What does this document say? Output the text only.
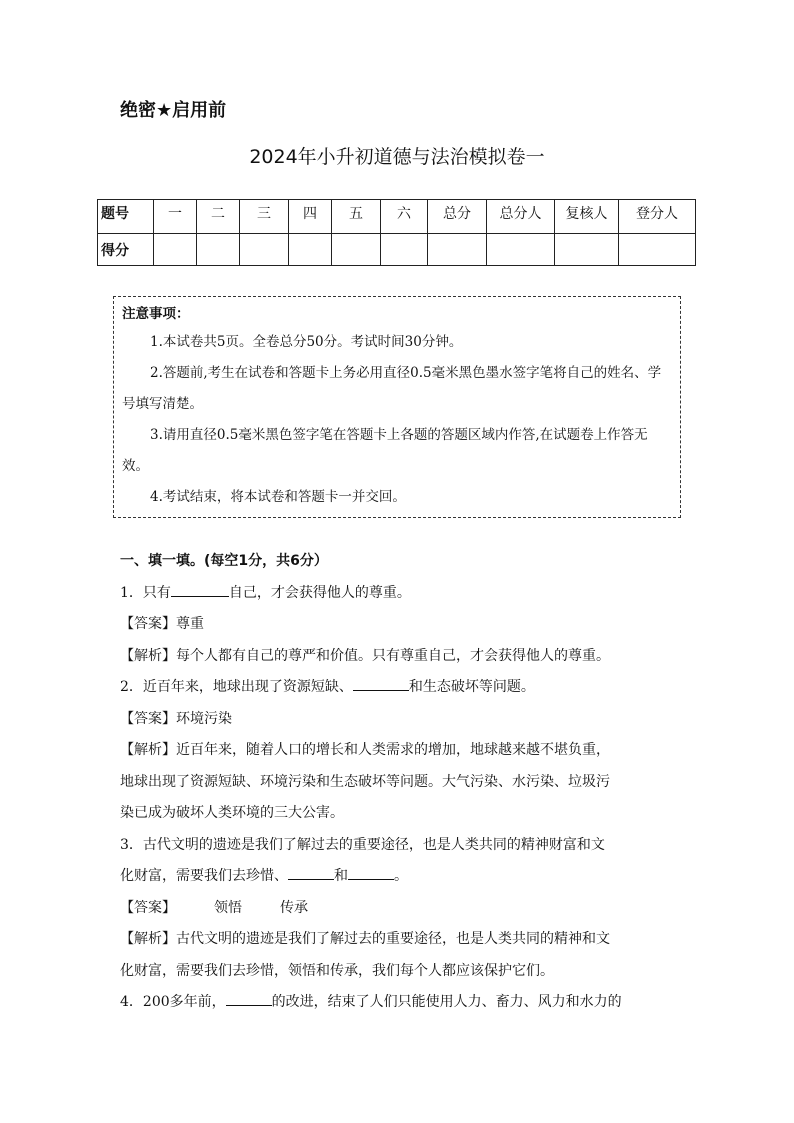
绝密★启用前
2024年小升初道德与法治模拟卷一
题号	一	二	三	四	五	六	总分	总分人	复核人	登分人
得分										
注意事项：

1.本试卷共5页。全卷总分50分。考试时间30分钟。

2.答题前,考生在试卷和答题卡上务必用直径0.5毫米黑色墨水签字笔将自己的姓名、学号填写清楚。

3.请用直径0.5毫米黑色签字笔在答题卡上各题的答题区域内作答,在试题卷上作答无效。

4.考试结束，将本试卷和答题卡一并交回。

一、填一填。(每空1分，共6分）

1．只有	自己，才会获得他人的尊重。

【答案】尊重

【解析】每个人都有自己的尊严和价值。只有尊重自己，才会获得他人的尊重。

2．近百年来，地球出现了资源短缺、	和生态破坏等问题。

【答案】环境污染

【解析】近百年来，随着人口的增长和人类需求的增加，地球越来越不堪负重，

地球出现了资源短缺、环境污染和生态破坏等问题。大气污染、水污染、垃圾污

染已成为破坏人类环境的三大公害。

3．古代文明的遗迹是我们了解过去的重要途径，也是人类共同的精神财富和文

化财富，需要我们去珍惜、	和	。

【答案】	领悟	传承

【解析】古代文明的遗迹是我们了解过去的重要途径，也是人类共同的精神和文

化财富，需要我们去珍惜，领悟和传承，我们每个人都应该保护它们。

4．200多年前，	的改进，结束了人们只能使用人力、畜力、风力和水力的
